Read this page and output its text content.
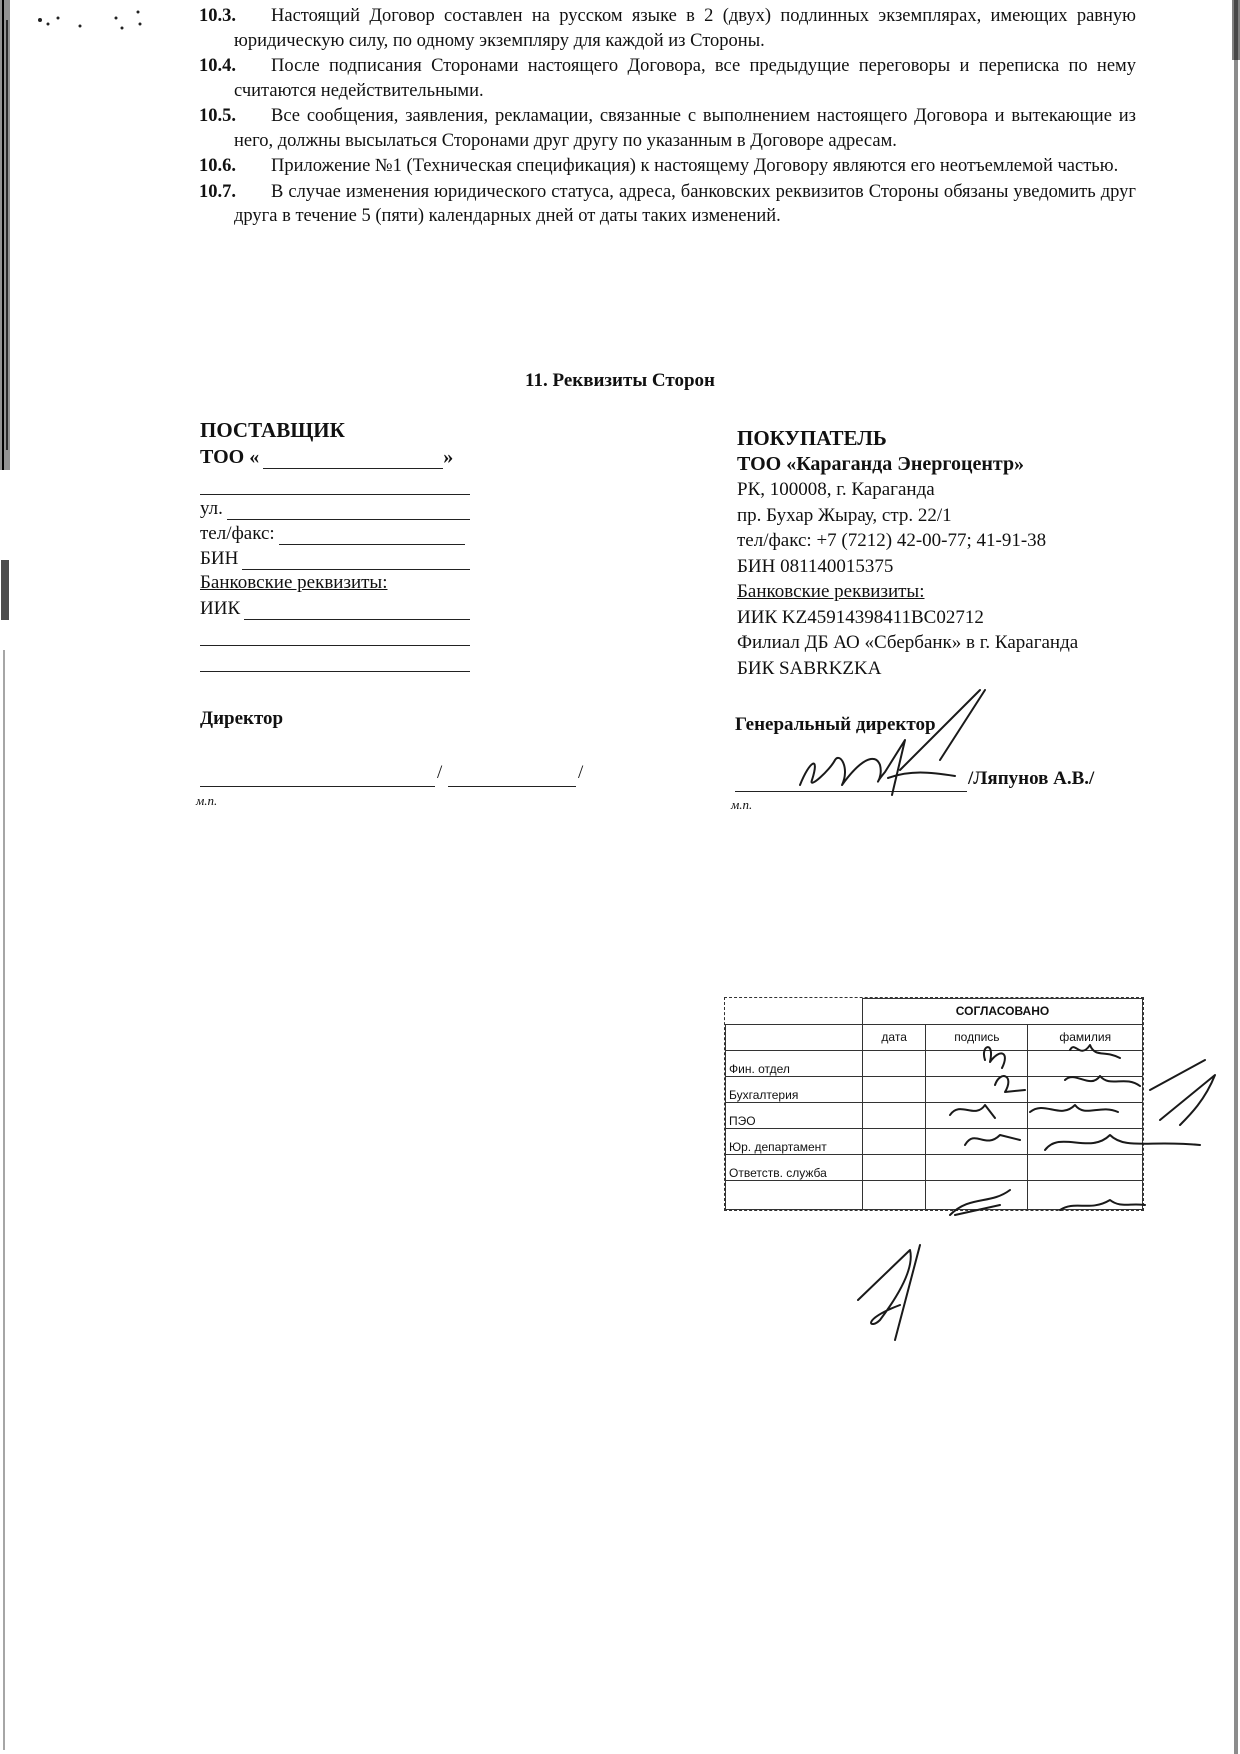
10.3.	Настоящий Договор составлен на русском языке в 2 (двух) подлинных экземплярах, имеющих равную юридическую силу, по одному экземпляру для каждой из Стороны.
10.4.	После подписания Сторонами настоящего Договора, все предыдущие переговоры и переписка по нему считаются недействительными.
10.5.	Все сообщения, заявления, рекламации, связанные с выполнением настоящего Договора и вытекающие из него, должны высылаться Сторонами друг другу по указанным в Договоре адресам.
10.6.	Приложение №1 (Техническая спецификация) к настоящему Договору являются его неотъемлемой частью.
10.7.	В случае изменения юридического статуса, адреса, банковских реквизитов Стороны обязаны уведомить друг друга в течение 5 (пяти) календарных дней от даты таких изменений.
11. Реквизиты Сторон
ПОСТАВЩИК
ТОО «	»
ул.
тел/факс:
БИН
Банковские реквизиты:
ИИК
Директор
/	/
м.п.
ПОКУПАТЕЛЬ
ТОО «Караганда Энергоцентр»
РК, 100008, г. Караганда
пр. Бухар Жырау, стр. 22/1
тел/факс: +7 (7212) 42-00-77; 41-91-38
БИН 081140015375
Банковские реквизиты:
ИИК KZ45914398411BC02712
Филиал ДБ АО «Сбербанк» в г. Караганда
БИК SABRKZKA
Генеральный директор
/Ляпунов А.В./
м.п.
	СОГЛАСОВАНО		
	дата	подпись	фамилия
Фин. отдел			
Бухгалтерия			
ПЭО			
Юр. департамент			
Ответств. служба			
